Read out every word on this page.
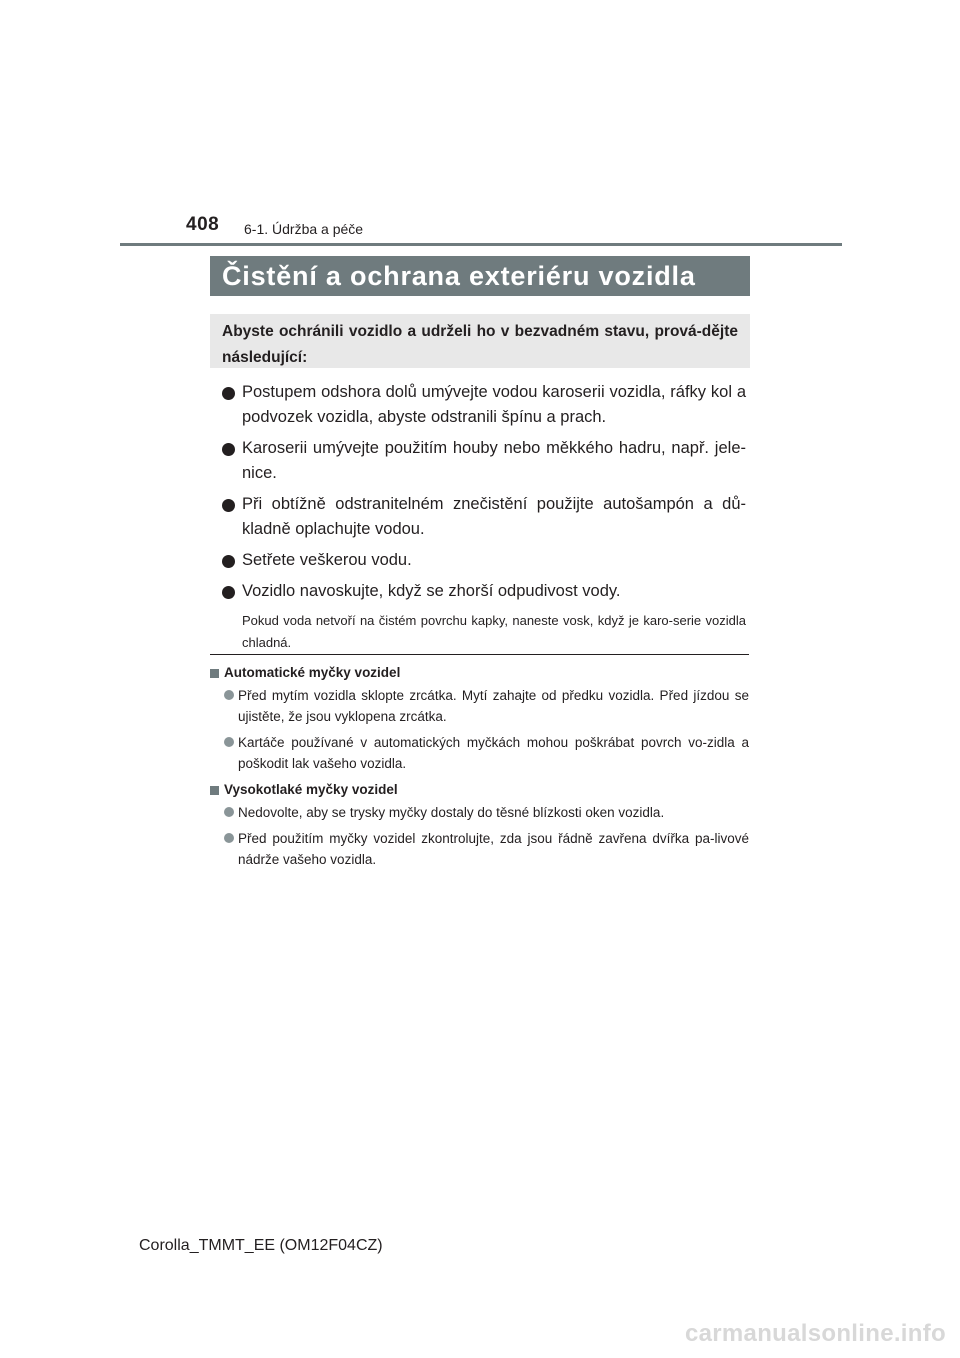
408 6-1. Údržba a péče
Čistění a ochrana exteriéru vozidla
Abyste ochránili vozidlo a udrželi ho v bezvadném stavu, prová-dějte následující:
Postupem odshora dolů umývejte vodou karoserii vozidla, ráfky kol a podvozek vozidla, abyste odstranili špínu a prach.
Karoserii umývejte použitím houby nebo měkkého hadru, např. jele-nice.
Při obtížně odstranitelném znečistění použijte autošampón a dů-kladně oplachujte vodou.
Setřete veškerou vodu.
Vozidlo navoskujte, když se zhorší odpudivost vody.
Pokud voda netvoří na čistém povrchu kapky, naneste vosk, když je karo-serie vozidla chladná.
Automatické myčky vozidel
Před mytím vozidla sklopte zrcátka. Mytí zahajte od předku vozidla. Před jízdou se ujistěte, že jsou vyklopena zrcátka.
Kartáče používané v automatických myčkách mohou poškrábat povrch vo-zidla a poškodit lak vašeho vozidla.
Vysokotlaké myčky vozidel
Nedovolte, aby se trysky myčky dostaly do těsné blízkosti oken vozidla.
Před použitím myčky vozidel zkontrolujte, zda jsou řádně zavřena dvířka pa-livové nádrže vašeho vozidla.
Corolla_TMMT_EE (OM12F04CZ)
carmanualsonline.info
